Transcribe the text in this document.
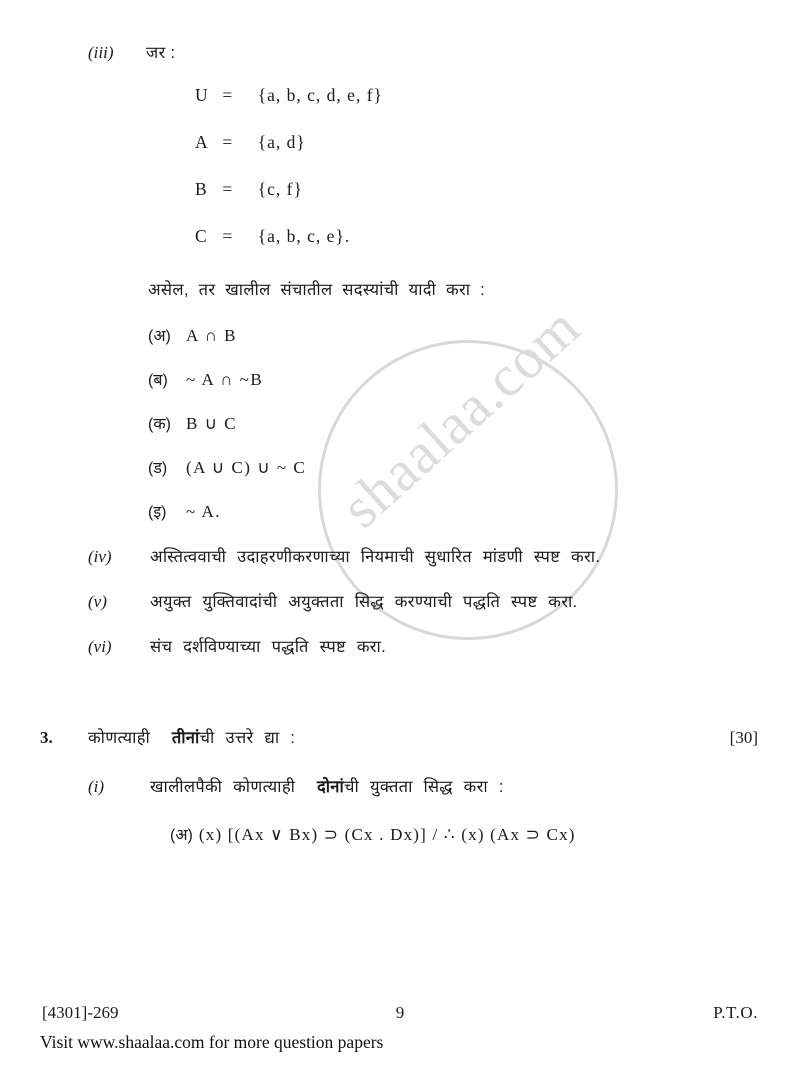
shaalaa.com
(iii)	जर :
U = {a, b, c, d, e, f}
A = {a, d}
B = {c, f}
C = {a, b, c, e}.
असेल, तर खालील संचातील सदस्यांची यादी करा :
(अ) A ∩ B
(ब) ~ A ∩ ~B
(क) B ∪ C
(ड) (A ∪ C) ∪ ~ C
(इ) ~ A.
(iv)	अस्तित्ववाची उदाहरणीकरणाच्या नियमाची सुधारित मांडणी स्पष्ट करा.
(v)	अयुक्त युक्तिवादांची अयुक्तता सिद्ध करण्याची पद्धति स्पष्ट करा.
(vi)	संच दर्शविण्याच्या पद्धति स्पष्ट करा.
3.	कोणत्याही तीनांची उत्तरे द्या :	[30]
(i)	खालीलपैकी कोणत्याही दोनांची युक्तता सिद्ध करा :
(अ) (x) [(Ax ∨ Bx) ⊃ (Cx . Dx)] / ∴ (x) (Ax ⊃ Cx)
[4301]-269	9	P.T.O.
Visit www.shaalaa.com for more question papers
